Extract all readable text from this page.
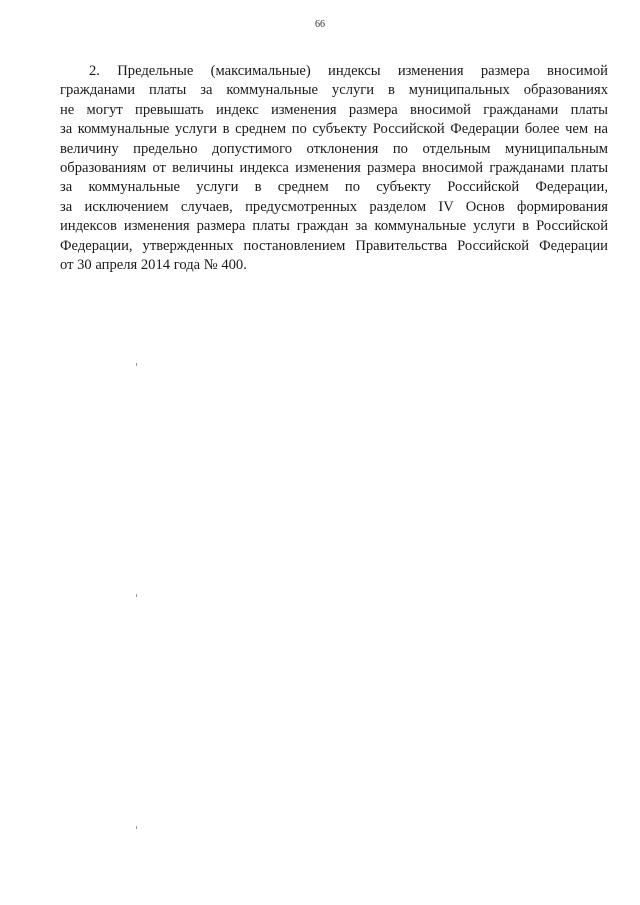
66

2. Предельные (максимальные) индексы изменения размера вносимой
гражданами платы за коммунальные услуги в муниципальных образованиях
не могут превышать индекс изменения размера вносимой гражданами платы
за коммунальные услуги в среднем по субъекту Российской Федерации более чем на
величину предельно допустимого отклонения по отдельным муниципальным
образованиям от величины индекса изменения размера вносимой гражданами платы
за коммунальные услуги в среднем по субъекту Российской Федерации,
за исключением случаев, предусмотренных разделом IV Основ формирования
индексов изменения размера платы граждан за коммунальные услуги в Российской
Федерации, утвержденных постановлением Правительства Российской Федерации
от 30 апреля 2014 года № 400.
